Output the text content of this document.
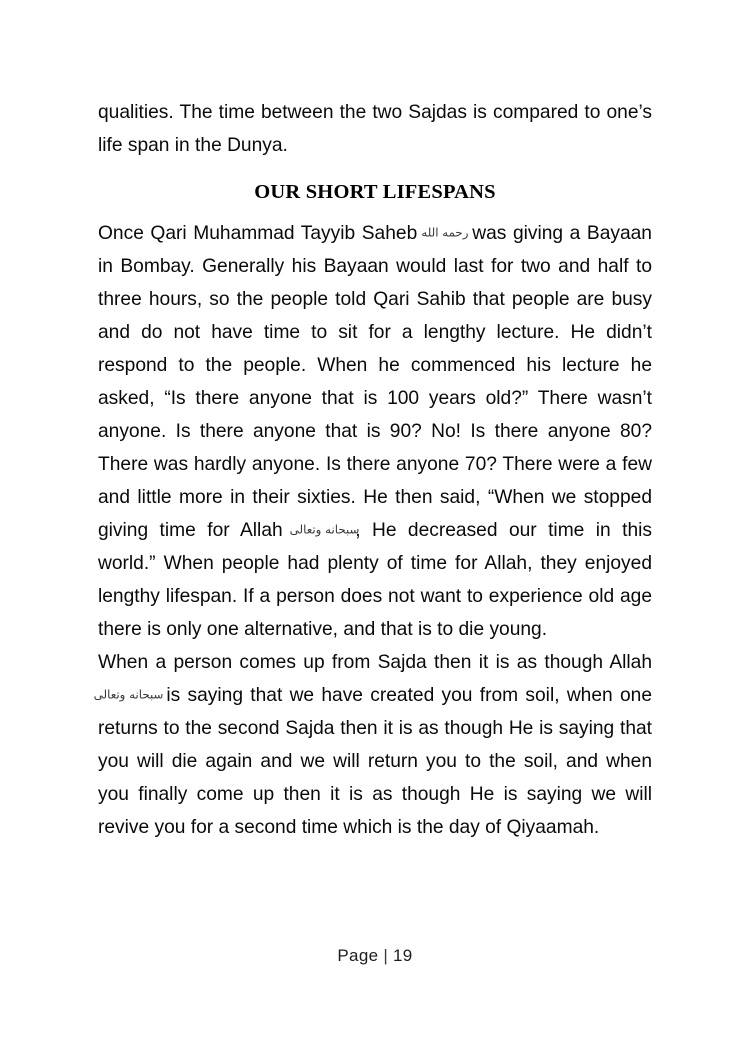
qualities. The time between the two Sajdas is compared to one’s life span in the Dunya.

OUR SHORT LIFESPANS

Once Qari Muhammad Tayyib Saheb رحمه الله was giving a Bayaan in Bombay. Generally his Bayaan would last for two and half to three hours, so the people told Qari Sahib that people are busy and do not have time to sit for a lengthy lecture. He didn’t respond to the people. When he commenced his lecture he asked, “Is there anyone that is 100 years old?” There wasn’t anyone. Is there anyone that is 90? No! Is there anyone 80? There was hardly anyone. Is there anyone 70? There were a few and little more in their sixties. He then said, “When we stopped giving time for Allah سبحانه وتعالى, He decreased our time in this world.” When people had plenty of time for Allah, they enjoyed lengthy lifespan. If a person does not want to experience old age there is only one alternative, and that is to die young.

When a person comes up from Sajda then it is as though Allah سبحانه وتعالى is saying that we have created you from soil, when one returns to the second Sajda then it is as though He is saying that you will die again and we will return you to the soil, and when you finally come up then it is as though He is saying we will revive you for a second time which is the day of Qiyaamah.

Page | 19
